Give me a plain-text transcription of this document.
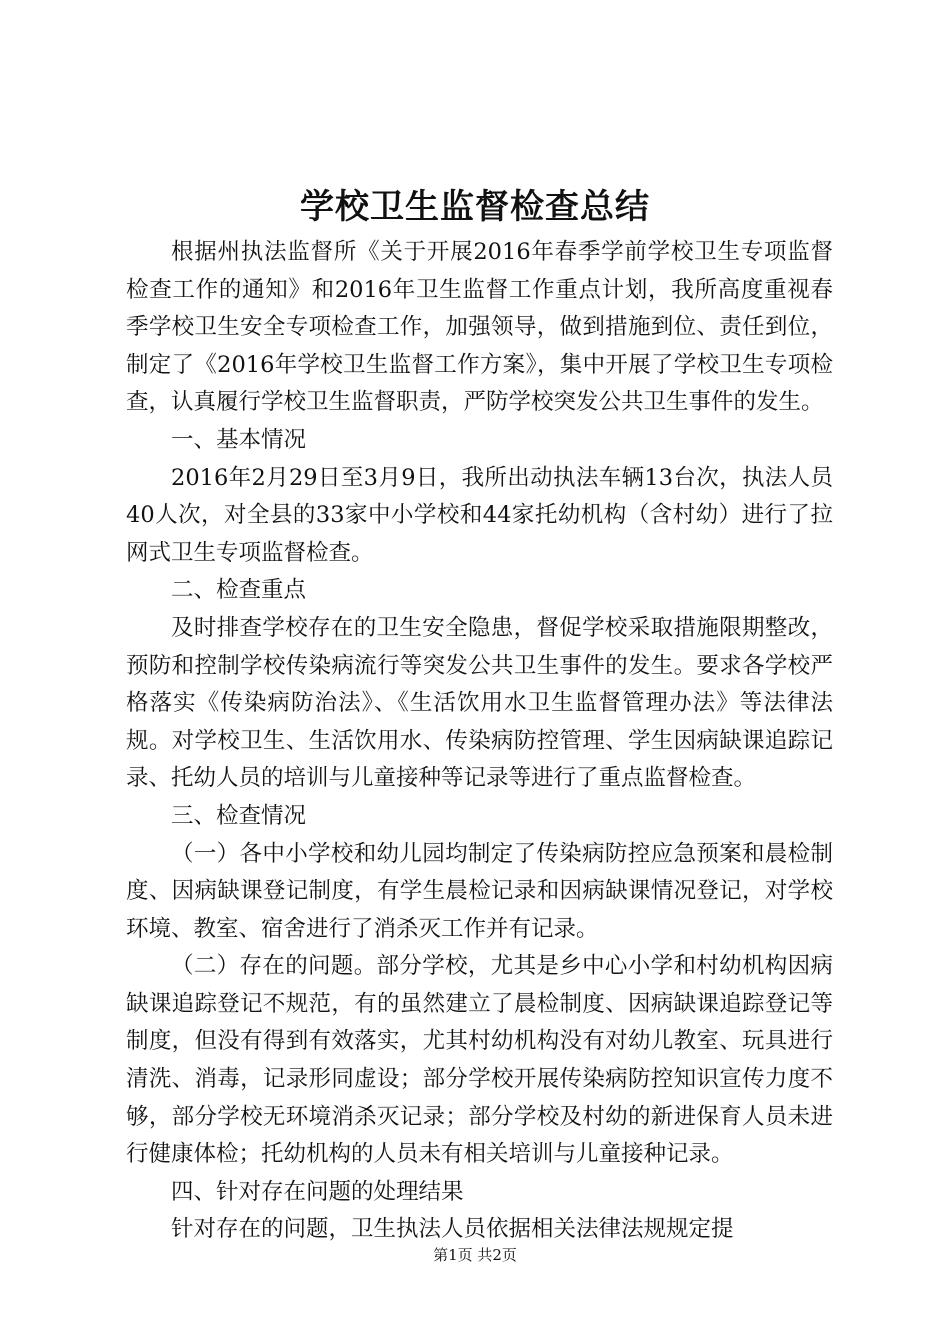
学校卫生监督检查总结

根据州执法监督所《关于开展2016年春季学前学校卫生专项监督检查工作的通知》和2016年卫生监督工作重点计划，我所高度重视春季学校卫生安全专项检查工作，加强领导，做到措施到位、责任到位，制定了《2016年学校卫生监督工作方案》，集中开展了学校卫生专项检查，认真履行学校卫生监督职责，严防学校突发公共卫生事件的发生。

一、基本情况

2016年2月29日至3月9日，我所出动执法车辆13台次，执法人员40人次，对全县的33家中小学校和44家托幼机构（含村幼）进行了拉网式卫生专项监督检查。

二、检查重点

及时排查学校存在的卫生安全隐患，督促学校采取措施限期整改，预防和控制学校传染病流行等突发公共卫生事件的发生。要求各学校严格落实《传染病防治法》、《生活饮用水卫生监督管理办法》等法律法规。对学校卫生、生活饮用水、传染病防控管理、学生因病缺课追踪记录、托幼人员的培训与儿童接种等记录等进行了重点监督检查。

三、检查情况

（一）各中小学校和幼儿园均制定了传染病防控应急预案和晨检制度、因病缺课登记制度，有学生晨检记录和因病缺课情况登记，对学校环境、教室、宿舍进行了消杀灭工作并有记录。

（二）存在的问题。部分学校，尤其是乡中心小学和村幼机构因病缺课追踪登记不规范，有的虽然建立了晨检制度、因病缺课追踪登记等制度，但没有得到有效落实，尤其村幼机构没有对幼儿教室、玩具进行清洗、消毒，记录形同虚设；部分学校开展传染病防控知识宣传力度不够，部分学校无环境消杀灭记录；部分学校及村幼的新进保育人员未进行健康体检；托幼机构的人员未有相关培训与儿童接种记录。

四、针对存在问题的处理结果

针对存在的问题，卫生执法人员依据相关法律法规规定提

第1页 共2页
